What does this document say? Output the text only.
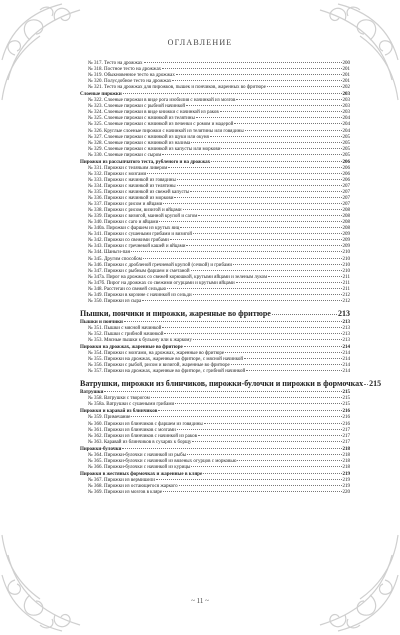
ОГЛАВЛЕНИЕ
№ 317. Тесто на дрожжах	200
№ 318. Постное тесто на дрожжах	201
№ 319. Обыкновенное тесто на дрожжах	201
№ 320. Полусдобное тесто на дрожжах	201
№ 321. Тесто на дрожжах для пирожков, пышек и пончиков, жаренных во фритюре	202
Слоеные пирожки	203
№ 322. Слоеные пирожки в виде рога изобилия с начинкой из мозгов	203
№ 323. Слоеные пирожки с рыбной начинкой	203
№ 324. Слоеные пирожки в виде книжки с начинкой из раков	203
№ 325. Слоеные пирожки с начинкой из телятины	204
№ 325. Слоеные пирожки с начинкой из печенки с ромом и мадерой	204
№ 326. Круглые слоеные пирожки с начинкой из телятины или говядины	204
№ 327. Слоеные пирожки с начинкой из щуки или окуня	205
№ 328. Слоеные пирожки с начинкой из налима	205
№ 329. Слоеные пирожки с начинкой из капусты или моркови	205
№ 330. Слоеные пирожки с сыром	205
Пирожки из рассыпчатого теста, рубленого и на дрожжах	206
№ 331. Пирожки с телячьим ливером	206
№ 332. Пирожки с мозгами	206
№ 333. Пирожки с начинкой из говядины	206
№ 334. Пирожки с начинкой из телятины	207
№ 335. Пирожки с начинкой из свежей капусты	207
№ 336. Пирожки с начинкой из моркови	207
№ 337. Пирожки с рисом и яйцами	207
№ 338. Пирожки с рисом, визигой и яйцами	208
№ 339. Пирожки с визигой, манной крупой и сагом	208
№ 340. Пирожки с саго и яйцами	208
№ 340а. Пирожки с фаршем из крутых яиц	208
№ 341. Пирожки с сушеными грибами и визигой	209
№ 342. Пирожки со свежими грибами	209
№ 343. Пирожки с гречневой кашей и яйцами	209
№ 344. Шаньги-пан	210
№ 345. Другим способом	210
№ 346. Пирожки с дробленой гречневой крупой (сечкой) и грибами	210
№ 347. Пирожки с рыбным фаршем и сметаной	210
№ 347а. Пирог на дрожжах со свежей корюшкой, крутыми яйцами и зеленым луком	211
№ 347б. Пирог на дрожжах со свежими огурцами и крутыми яйцами	211
№ 348. Расстегаи со свежей сельдью	211
№ 349. Пирожки в корзине с начинкой из сельди	212
№ 350. Пирожки из сыра	212
Пышки, пончики и пирожки, жаренные во фритюре	213
Пышки и пончики	213
№ 351. Пышки с мясной начинкой	213
№ 352. Пышки с грибной начинкой	213
№ 353. Мясные пышки к бульону или к жаркому	213
Пирожки на дрожжах, жаренные во фритюре	214
№ 354. Пирожки с мозгами, на дрожжах, жаренные во фритюре	214
№ 355. Пирожки на дрожжах, жаренные во фритюре, с мясной начинкой	214
№ 356. Пирожки с рыбой, рисом и визигой, жаренные во фритюре	214
№ 357. Пирожки на дрожжах, жаренные во фритюре, с грибной начинкой	214
Ватрушки, пирожки из блинчиков, пирожки-булочки и пирожки в формочках 215
Ватрушки	215
№ 358. Ватрушки с творогом	215
№ 358а. Ватрушки с сушеными грибами	215
Пирожки и каравай из блинчиков	216
№ 359. Примечание	216
№ 360. Пирожки из блинчиков с фаршем из говядины	216
№ 361. Пирожки из блинчиков с мозгами	217
№ 362. Пирожки из блинчиков с начинкой из раков	217
№ 363. Каравай из блинчиков в сухарях к борщу	217
Пирожки-булочки	218
№ 364. Пирожки-булочки с начинкой из рыбы	218
№ 365. Пирожки-булочки с начинкой из вяленых огурцов с морковью	218
№ 366. Пирожки-булочки с начинкой из курицы	218
Пирожки в жестяных формочках и жаренные в кляре	219
№ 367. Пирожки из вермишели	219
№ 368. Пирожки из остающегося жаркого	219
№ 369. Пирожки из мозгов в кляре	220
~ 11 ~
